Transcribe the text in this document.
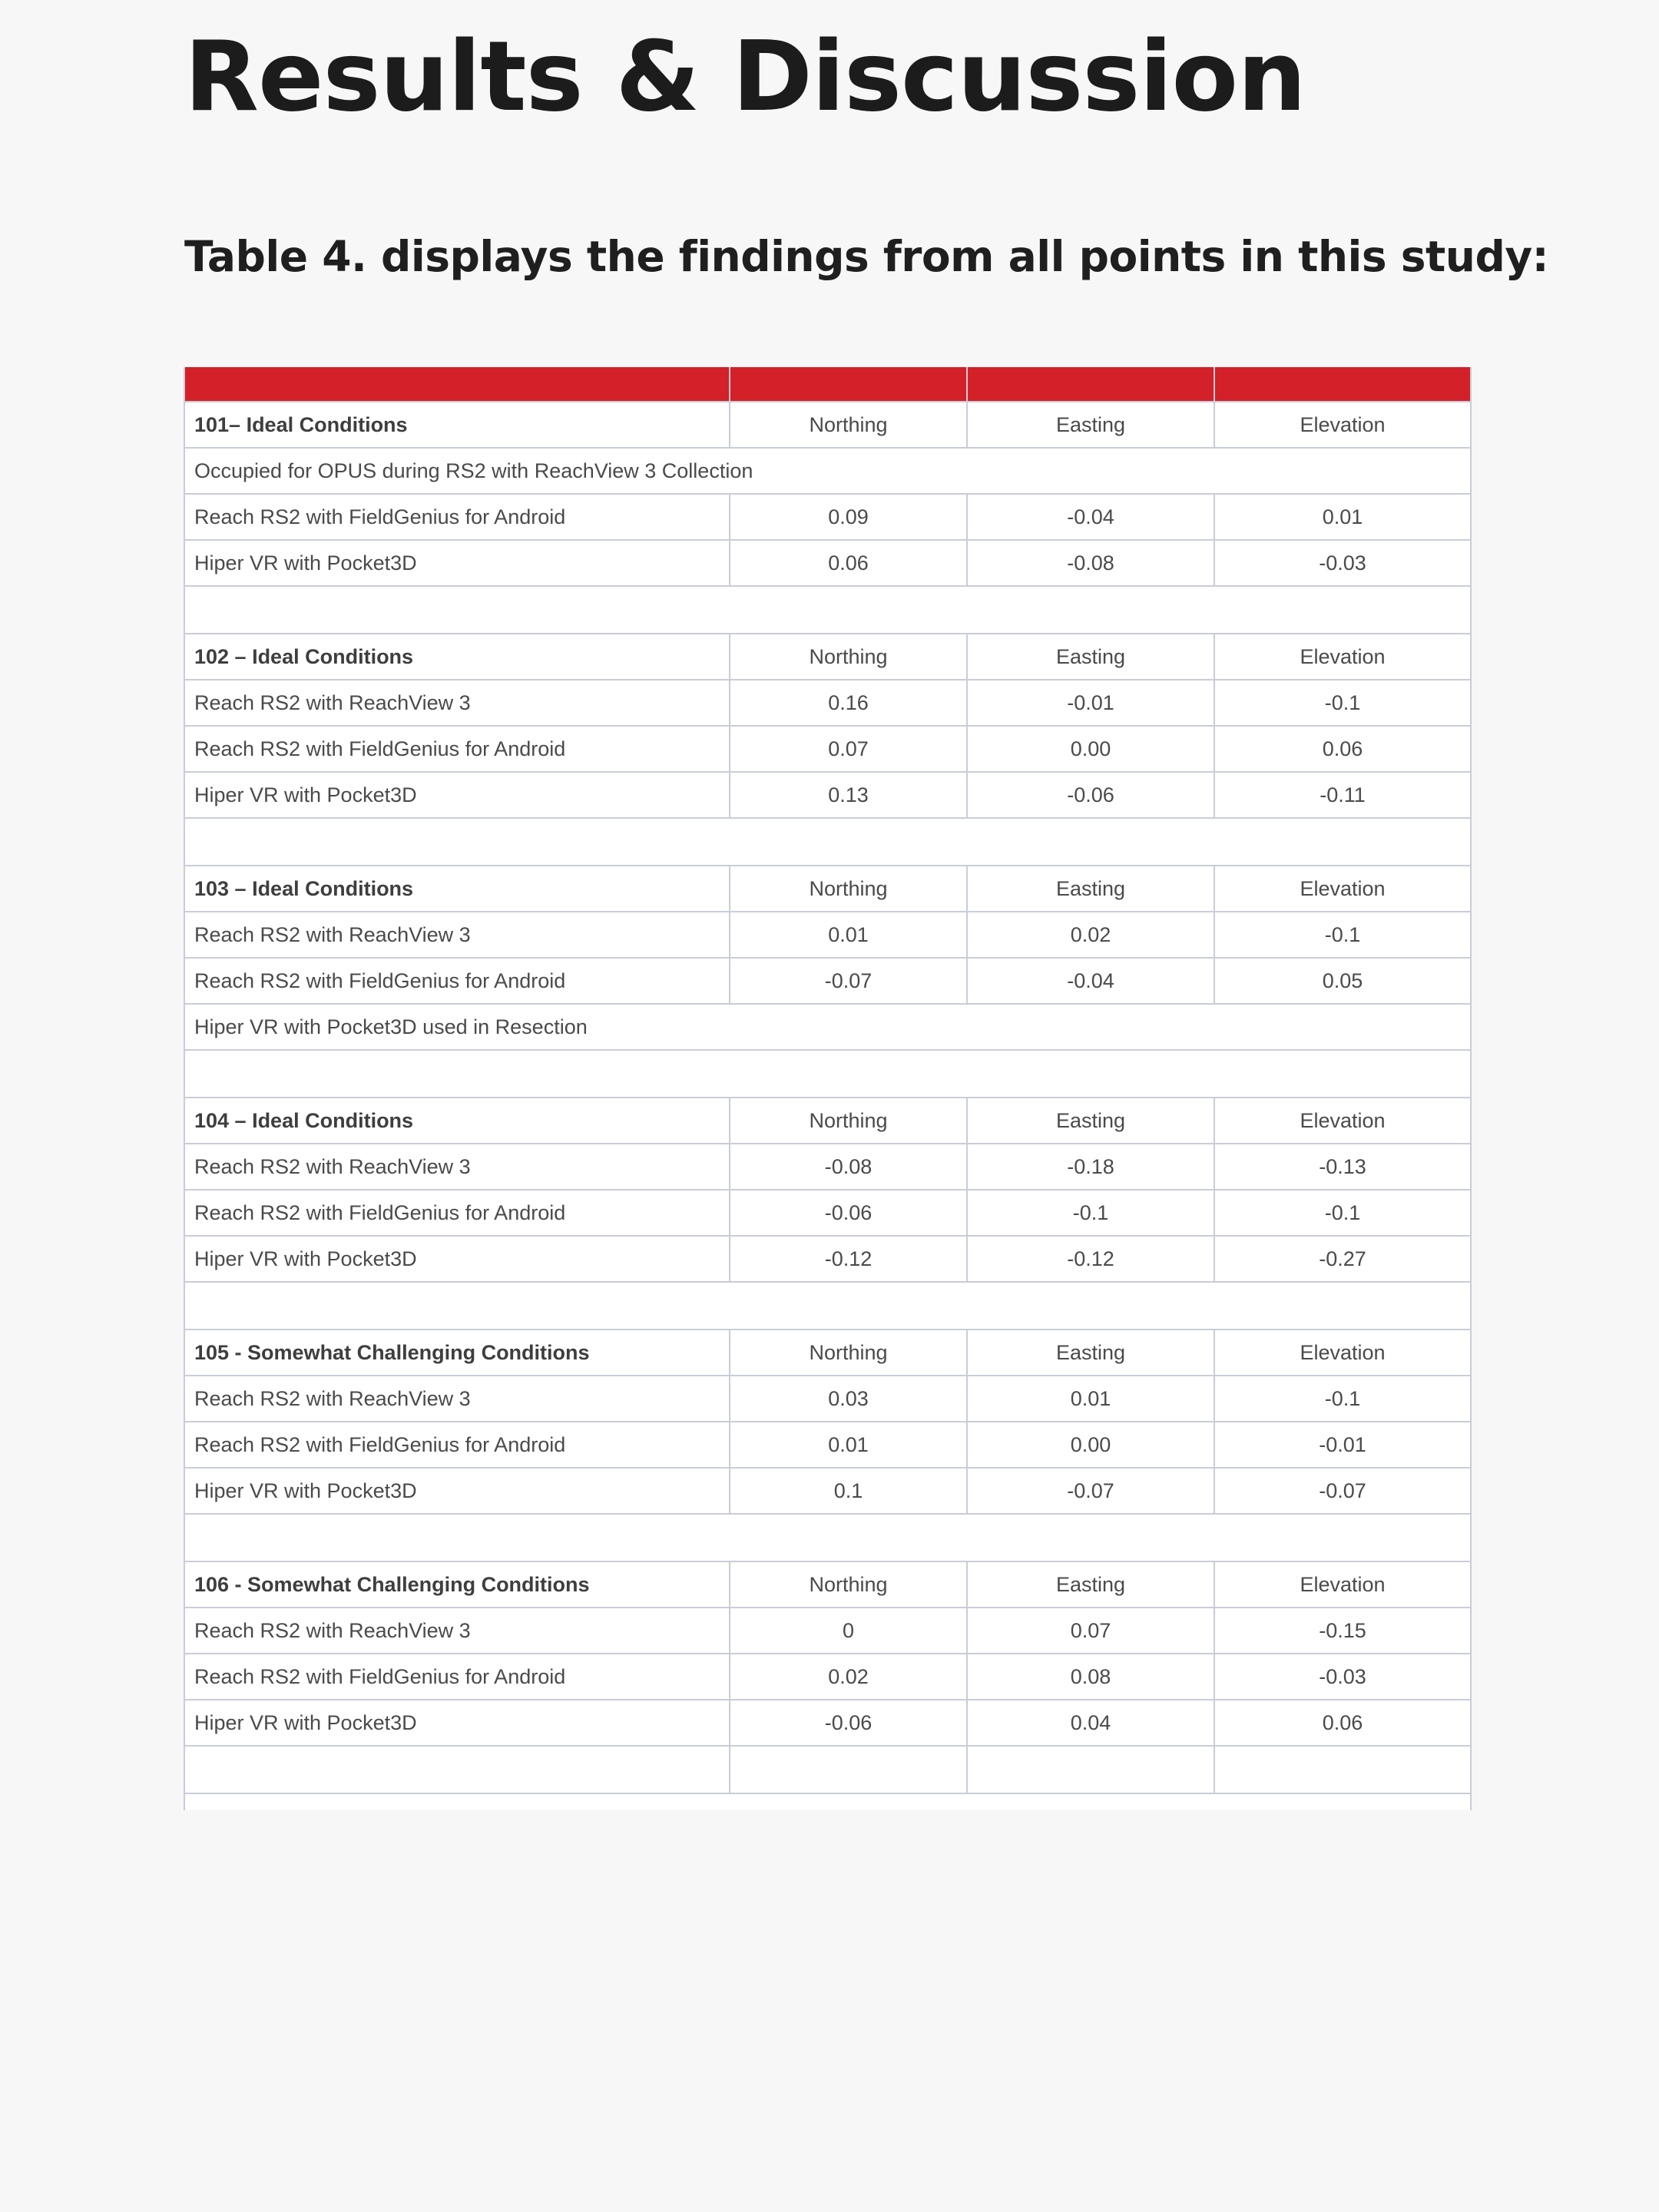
Results & Discussion
Table 4. displays the findings from all points in this study:

101– Ideal Conditions	Northing	Easting	Elevation
Occupied for OPUS during RS2 with ReachView 3 Collection			
Reach RS2 with FieldGenius for Android	0.09	-0.04	0.01
Hiper VR with Pocket3D	0.06	-0.08	-0.03

102 – Ideal Conditions	Northing	Easting	Elevation
Reach RS2 with ReachView 3	0.16	-0.01	-0.1
Reach RS2 with FieldGenius for Android	0.07	0.00	0.06
Hiper VR with Pocket3D	0.13	-0.06	-0.11

103 – Ideal Conditions	Northing	Easting	Elevation
Reach RS2 with ReachView 3	0.01	0.02	-0.1
Reach RS2 with FieldGenius for Android	-0.07	-0.04	0.05
Hiper VR with Pocket3D used in Resection			

104 – Ideal Conditions	Northing	Easting	Elevation
Reach RS2 with ReachView 3	-0.08	-0.18	-0.13
Reach RS2 with FieldGenius for Android	-0.06	-0.1	-0.1
Hiper VR with Pocket3D	-0.12	-0.12	-0.27

105 - Somewhat Challenging Conditions	Northing	Easting	Elevation
Reach RS2 with ReachView 3	0.03	0.01	-0.1
Reach RS2 with FieldGenius for Android	0.01	0.00	-0.01
Hiper VR with Pocket3D	0.1	-0.07	-0.07

106 - Somewhat Challenging Conditions	Northing	Easting	Elevation
Reach RS2 with ReachView 3	0	0.07	-0.15
Reach RS2 with FieldGenius for Android	0.02	0.08	-0.03
Hiper VR with Pocket3D	-0.06	0.04	0.06
